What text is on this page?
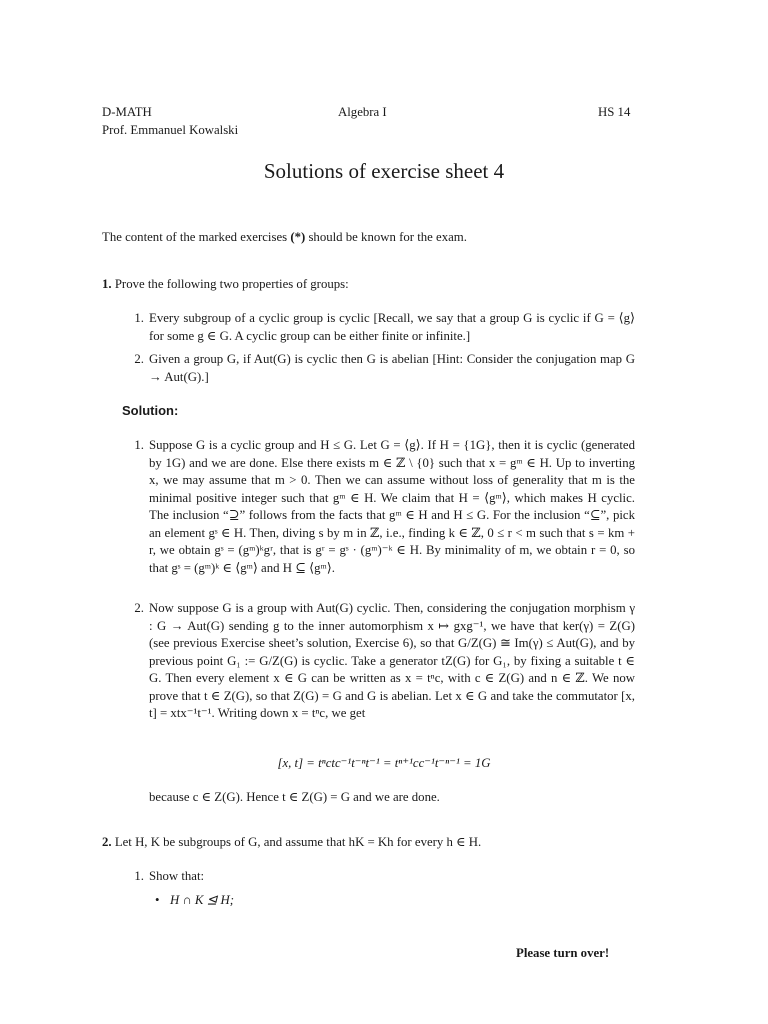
D-MATH
Prof. Emmanuel Kowalski
Algebra I	HS 14
Solutions of exercise sheet 4
The content of the marked exercises (*) should be known for the exam.
1. Prove the following two properties of groups:
1. Every subgroup of a cyclic group is cyclic [Recall, we say that a group G is cyclic if G = ⟨g⟩ for some g ∈ G. A cyclic group can be either finite or infinite.]
2. Given a group G, if Aut(G) is cyclic then G is abelian [Hint: Consider the conjugation map G → Aut(G).]
Solution:
1. Suppose G is a cyclic group and H ≤ G. Let G = ⟨g⟩. If H = {1G}, then it is cyclic (generated by 1G) and we are done. Else there exists m ∈ ℤ \ {0} such that x = gᵐ ∈ H. Up to inverting x, we may assume that m > 0. Then we can assume without loss of generality that m is the minimal positive integer such that gᵐ ∈ H. We claim that H = ⟨gᵐ⟩, which makes H cyclic. The inclusion “⊇” follows from the facts that gᵐ ∈ H and H ≤ G. For the inclusion “⊆”, pick an element gˢ ∈ H. Then, diving s by m in ℤ, i.e., finding k ∈ ℤ, 0 ≤ r < m such that s = km + r, we obtain gˢ = (gᵐ)ᵏgʳ, that is gʳ = gˢ · (gᵐ)⁻ᵏ ∈ H. By minimality of m, we obtain r = 0, so that gˢ = (gᵐ)ᵏ ∈ ⟨gᵐ⟩ and H ⊆ ⟨gᵐ⟩.
2. Now suppose G is a group with Aut(G) cyclic. Then, considering the conjugation morphism γ : G → Aut(G) sending g to the inner automorphism x ↦ gxg⁻¹, we have that ker(γ) = Z(G) (see previous Exercise sheet’s solution, Exercise 6), so that G/Z(G) ≅ Im(γ) ≤ Aut(G), and by previous point G₁ := G/Z(G) is cyclic. Take a generator tZ(G) for G₁, by fixing a suitable t ∈ G. Then every element x ∈ G can be written as x = tⁿc, with c ∈ Z(G) and n ∈ ℤ. We now prove that t ∈ Z(G), so that Z(G) = G and G is abelian. Let x ∈ G and take the commutator [x, t] = xtx⁻¹t⁻¹. Writing down x = tⁿc, we get
[x, t] = tⁿctc⁻¹t⁻ⁿt⁻¹ = tⁿ⁺¹cc⁻¹t⁻ⁿ⁻¹ = 1G
because c ∈ Z(G). Hence t ∈ Z(G) = G and we are done.
2. Let H, K be subgroups of G, and assume that hK = Kh for every h ∈ H.
1. Show that:
• H ∩ K ⊴ H;
Please turn over!
